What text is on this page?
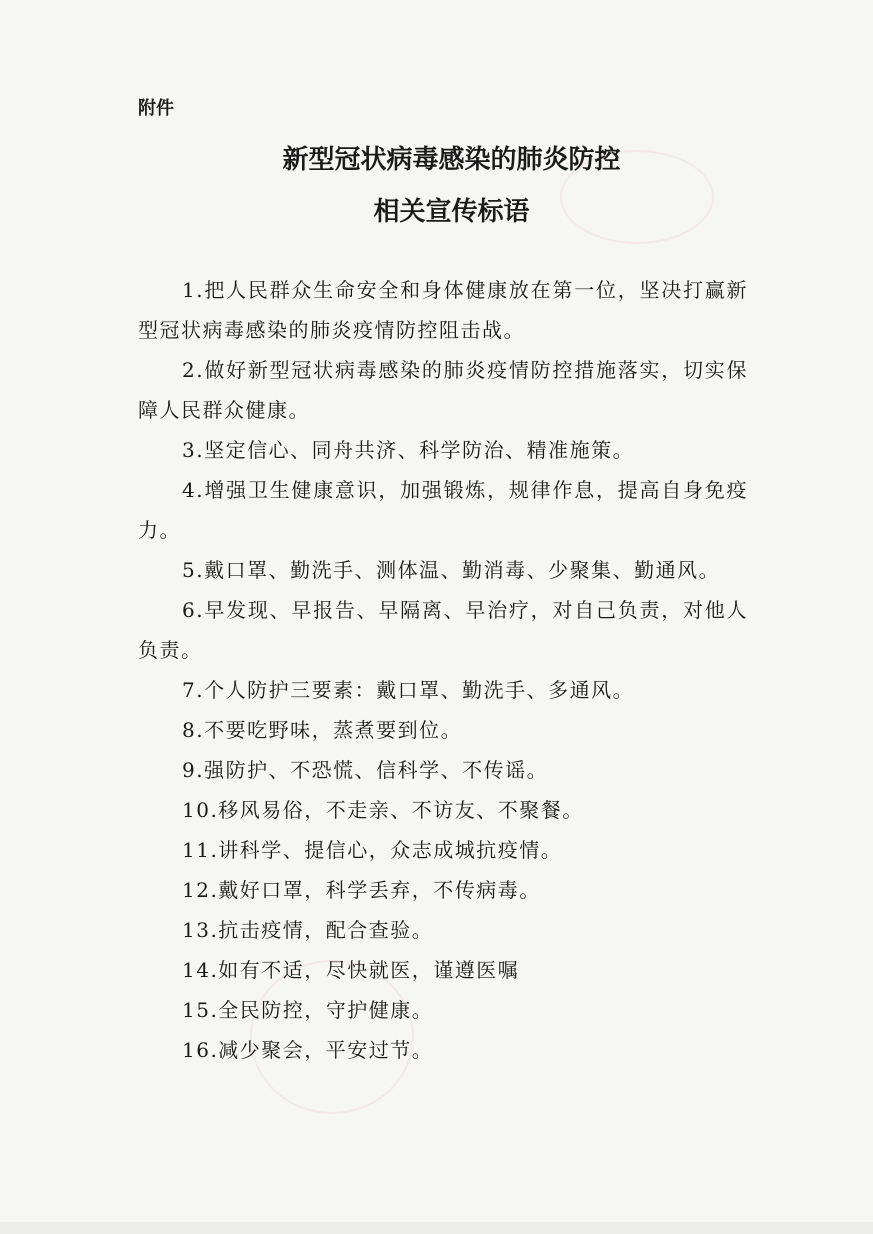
附件
新型冠状病毒感染的肺炎防控
相关宣传标语
1.把人民群众生命安全和身体健康放在第一位，坚决打赢新型冠状病毒感染的肺炎疫情防控阻击战。
2.做好新型冠状病毒感染的肺炎疫情防控措施落实，切实保障人民群众健康。
3.坚定信心、同舟共济、科学防治、精准施策。
4.增强卫生健康意识，加强锻炼，规律作息，提高自身免疫力。
5.戴口罩、勤洗手、测体温、勤消毒、少聚集、勤通风。
6.早发现、早报告、早隔离、早治疗，对自己负责，对他人负责。
7.个人防护三要素：戴口罩、勤洗手、多通风。
8.不要吃野味，蒸煮要到位。
9.强防护、不恐慌、信科学、不传谣。
10.移风易俗，不走亲、不访友、不聚餐。
11.讲科学、提信心，众志成城抗疫情。
12.戴好口罩，科学丢弃，不传病毒。
13.抗击疫情，配合查验。
14.如有不适，尽快就医，谨遵医嘱
15.全民防控，守护健康。
16.减少聚会，平安过节。
